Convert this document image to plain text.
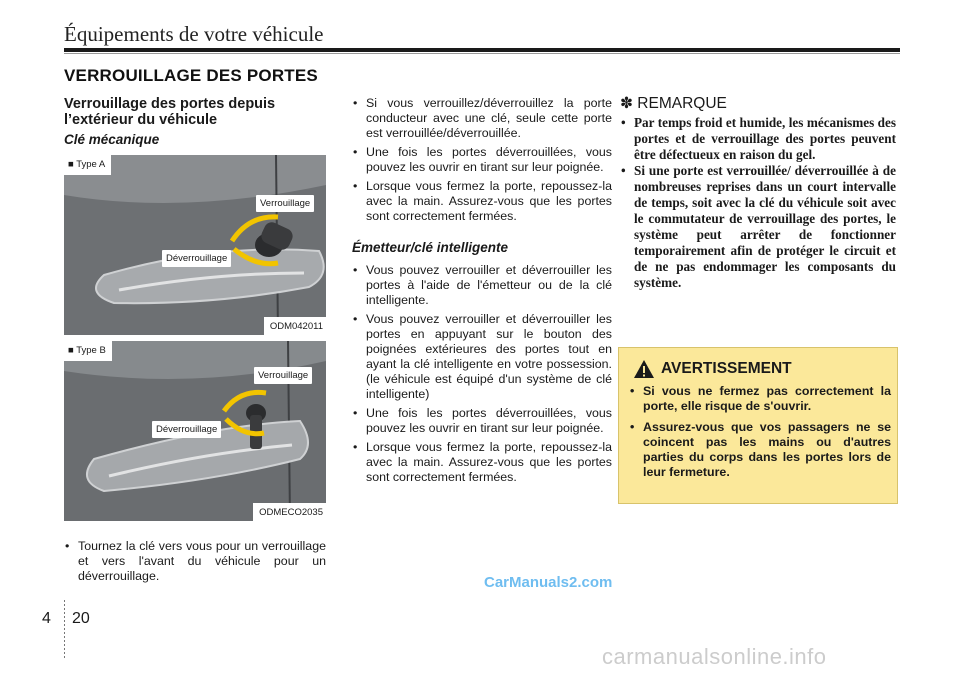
Équipements de votre véhicule
VERROUILLAGE DES PORTES

Verrouillage des portes depuis l’extérieur du véhicule

Clé mécanique

■ Type A
Verrouillage
Déverrouillage
ODM042011
■ Type B
Verrouillage
Déverrouillage
ODMECO2035
• Tournez la clé vers vous pour un verrouillage et vers l'avant du véhicule pour un déverrouillage.
• Si vous verrouillez/déverrouillez la porte conducteur avec une clé, seule cette porte est verrouillée/déverrouillée.
• Une fois les portes déverrouillées, vous pouvez les ouvrir en tirant sur leur poignée.
• Lorsque vous fermez la porte, repoussez-la avec la main. Assurez-vous que les portes sont correctement fermées.

Émetteur/clé intelligente

• Vous pouvez verrouiller et déverrouiller les portes à l'aide de l'émetteur ou de la clé intelligente.
• Vous pouvez verrouiller et déverrouiller les portes en appuyant sur le bouton des poignées extérieures des portes tout en ayant la clé intelligente en votre possession. (le véhicule est équipé d'un système de clé intelligente)
• Une fois les portes déverrouillées, vous pouvez les ouvrir en tirant sur leur poignée.
• Lorsque vous fermez la porte, repoussez-la avec la main. Assurez-vous que les portes sont correctement fermées.

✽ REMARQUE

• Par temps froid et humide, les mécanismes des portes et de verrouillage des portes peuvent être défectueux en raison du gel.
• Si une porte est verrouillée/ déverrouillée à de nombreuses reprises dans un court intervalle de temps, soit avec la clé du véhicule soit avec le commutateur de verrouillage des portes, le système peut arrêter de fonctionner temporairement afin de protéger le circuit et de ne pas endommager les composants du système.
AVERTISSEMENT
• Si vous ne fermez pas correctement la porte, elle risque de s'ouvrir.
• Assurez-vous que vos passagers ne se coincent pas les mains ou d'autres parties du corps dans les portes lors de leur fermeture.
CarManuals2.com
4 20
carmanualsonline.info
